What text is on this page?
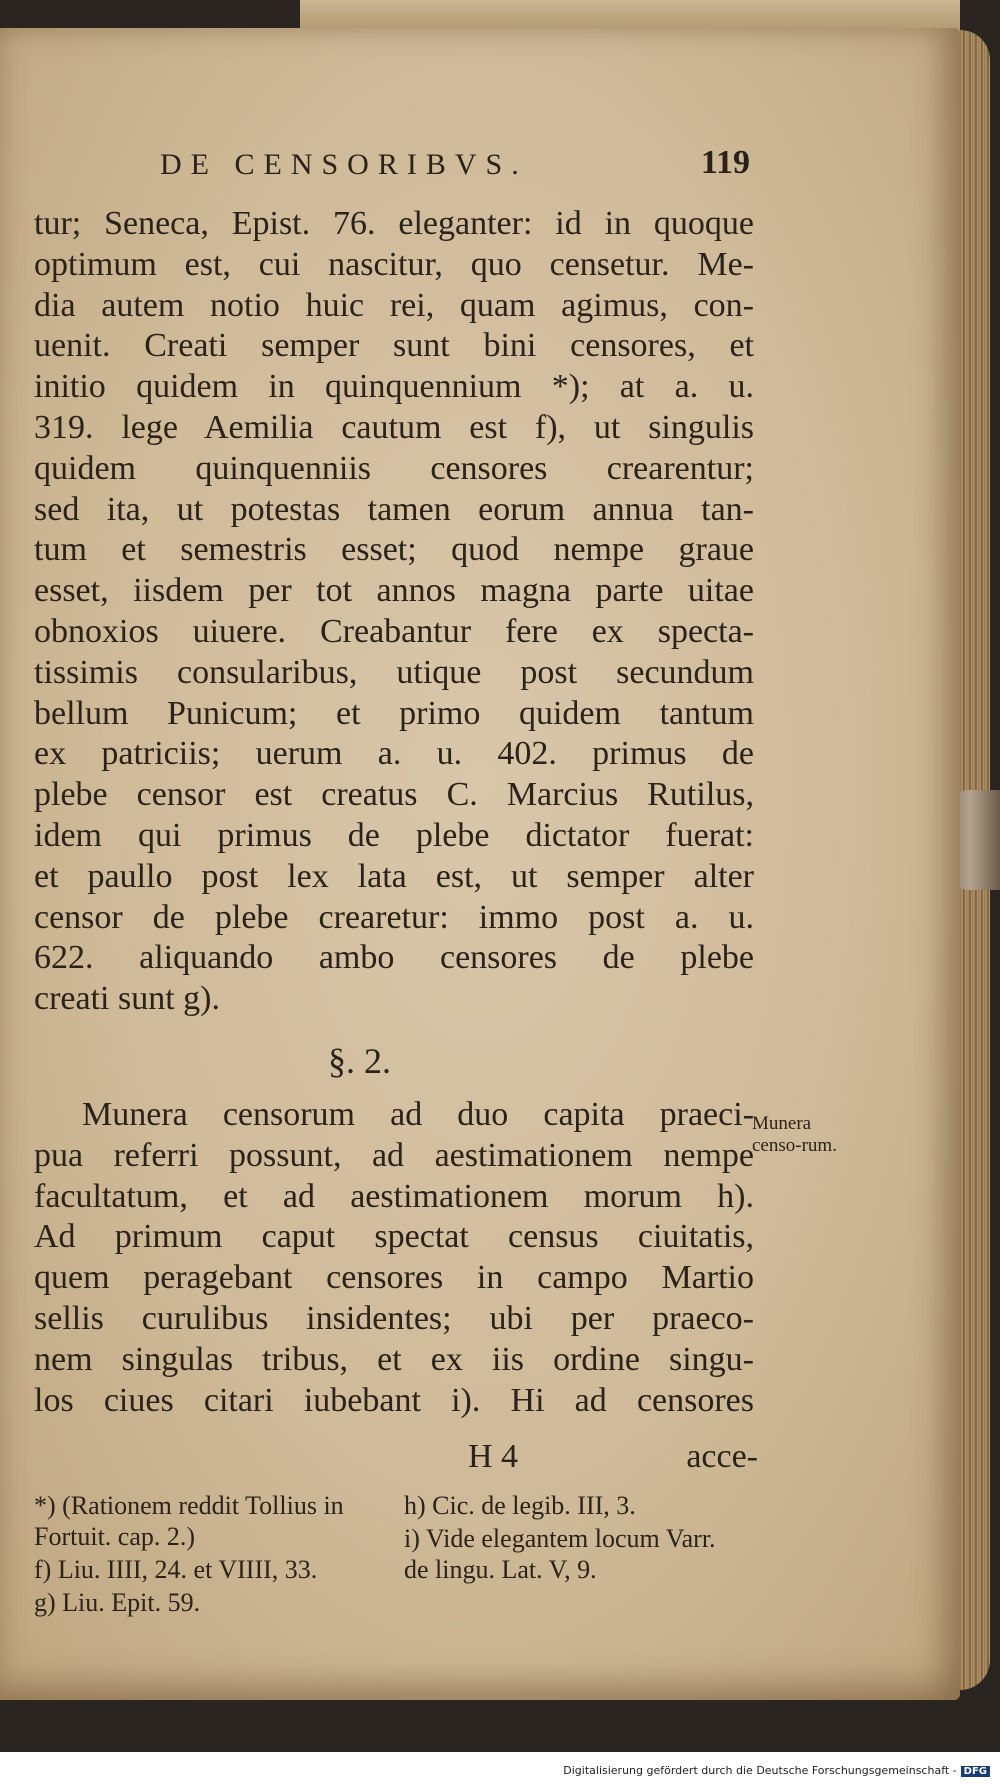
DE CENSORIBVS.	119
tur; Seneca, Epist. 76. eleganter: id in quoque
optimum est, cui nascitur, quo censetur. Me-
dia autem notio huic rei, quam agimus, con-
uenit. Creati semper sunt bini censores, et
initio quidem in quinquennium *); at a. u.
319. lege Aemilia cautum est f), ut singulis
quidem quinquenniis censores crearentur;
sed ita, ut potestas tamen eorum annua tan-
tum et semestris esset; quod nempe graue
esset, iisdem per tot annos magna parte uitae
obnoxios uiuere. Creabantur fere ex specta-
tissimis consularibus, utique post secundum
bellum Punicum; et primo quidem tantum
ex patriciis; uerum a. u. 402. primus de
plebe censor est creatus C. Marcius Rutilus,
idem qui primus de plebe dictator fuerat:
et paullo post lex lata est, ut semper alter
censor de plebe crearetur: immo post a. u.
622. aliquando ambo censores de plebe
creati sunt g).
§. 2.
Munera censorum ad duo capita praeci-
pua referri possunt, ad aestimationem nempe
facultatum, et ad aestimationem morum h).
Ad primum caput spectat census ciuitatis,
quem peragebant censores in campo Martio
sellis curulibus insidentes; ubi per praeco-
nem singulas tribus, et ex iis ordine singu-
los ciues citari iubebant i). Hi ad censores
Munera censo-rum.
H 4	acce-

*) (Rationem reddit Tollius in Fortuit. cap. 2.)

f) Liu. IIII, 24. et VIIII, 33.

g) Liu. Epit. 59.

h) Cic. de legib. III, 3.

i) Vide elegantem locum Varr. de lingu. Lat. V, 9.

Digitalisierung gefördert durch die Deutsche Forschungsgemeinschaft - DFG
